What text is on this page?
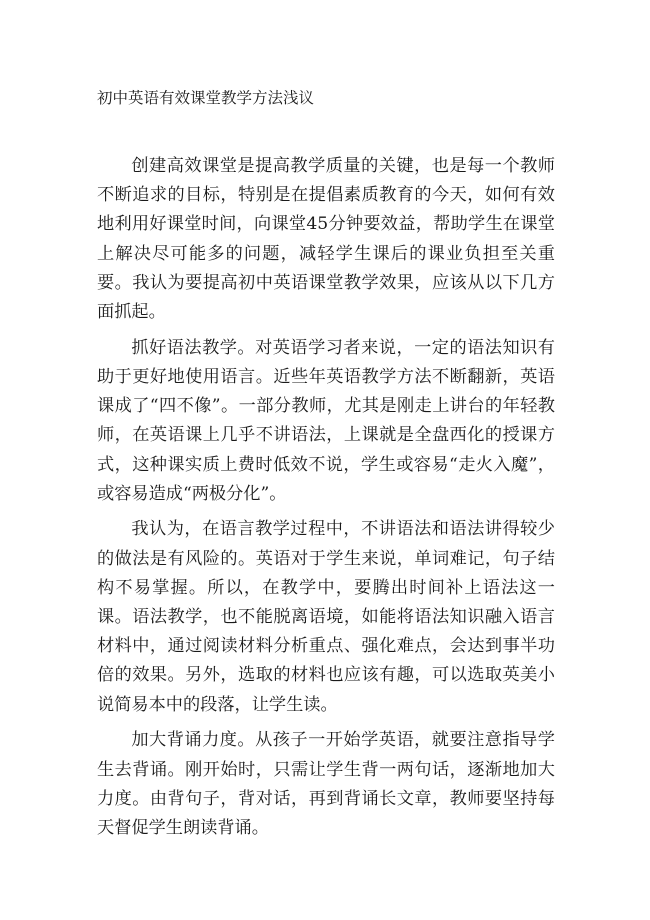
初中英语有效课堂教学方法浅议

创建高效课堂是提高教学质量的关键，也是每一个教师不断追求的目标，特别是在提倡素质教育的今天，如何有效地利用好课堂时间，向课堂45分钟要效益，帮助学生在课堂上解决尽可能多的问题，减轻学生课后的课业负担至关重要。我认为要提高初中英语课堂教学效果，应该从以下几方面抓起。

抓好语法教学。对英语学习者来说，一定的语法知识有助于更好地使用语言。近些年英语教学方法不断翻新，英语课成了“四不像”。一部分教师，尤其是刚走上讲台的年轻教师，在英语课上几乎不讲语法，上课就是全盘西化的授课方式，这种课实质上费时低效不说，学生或容易“走火入魔”，或容易造成“两极分化”。

我认为，在语言教学过程中，不讲语法和语法讲得较少的做法是有风险的。英语对于学生来说，单词难记，句子结构不易掌握。所以，在教学中，要腾出时间补上语法这一课。语法教学，也不能脱离语境，如能将语法知识融入语言材料中，通过阅读材料分析重点、强化难点，会达到事半功倍的效果。另外，选取的材料也应该有趣，可以选取英美小说简易本中的段落，让学生读。

加大背诵力度。从孩子一开始学英语，就要注意指导学生去背诵。刚开始时，只需让学生背一两句话，逐渐地加大力度。由背句子，背对话，再到背诵长文章，教师要坚持每天督促学生朗读背诵。
